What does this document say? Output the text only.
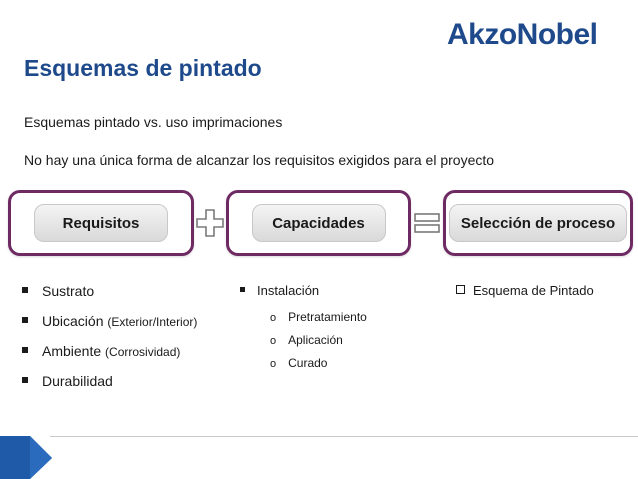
AkzoNobel
Esquemas de pintado
Esquemas pintado vs. uso imprimaciones
No hay una única forma de alcanzar los requisitos exigidos para el proyecto
Requisitos	Capacidades	Selección de proceso
Sustrato
Ubicación (Exterior/Interior)
Ambiente (Corrosividad)
Durabilidad
Instalación
o Pretratamiento
o Aplicación
o Curado
Esquema de Pintado
